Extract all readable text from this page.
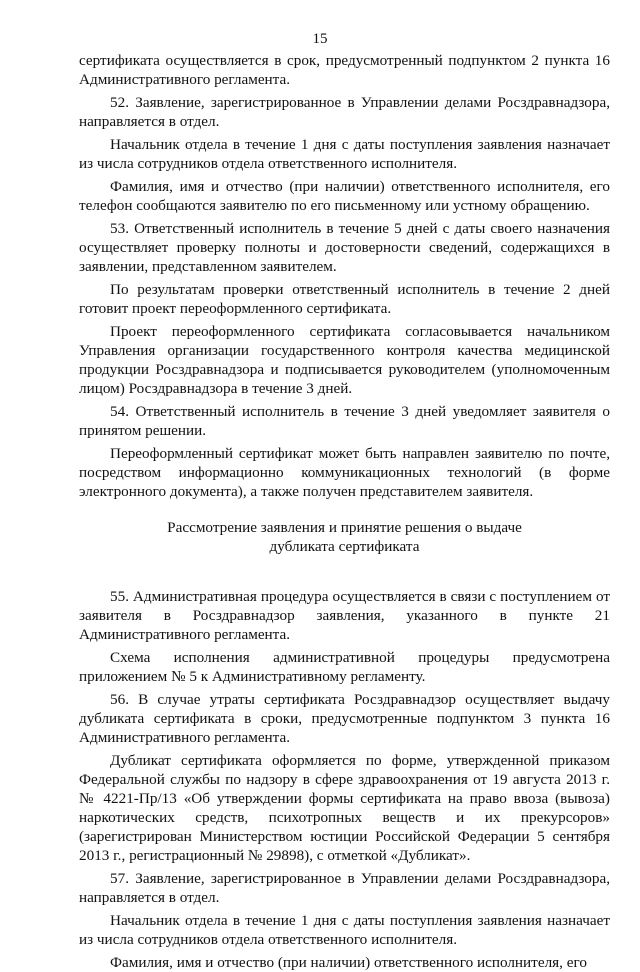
15

сертификата осуществляется в срок, предусмотренный подпунктом 2 пункта 16 Административного регламента.

52. Заявление, зарегистрированное в Управлении делами Росздравнадзора, направляется в отдел.

Начальник отдела в течение 1 дня с даты поступления заявления назначает из числа сотрудников отдела ответственного исполнителя.

Фамилия, имя и отчество (при наличии) ответственного исполнителя, его телефон сообщаются заявителю по его письменному или устному обращению.

53. Ответственный исполнитель в течение 5 дней с даты своего назначения осуществляет проверку полноты и достоверности сведений, содержащихся в заявлении, представленном заявителем.

По результатам проверки ответственный исполнитель в течение 2 дней готовит проект переоформленного сертификата.

Проект переоформленного сертификата согласовывается начальником Управления организации государственного контроля качества медицинской продукции Росздравнадзора и подписывается руководителем (уполномоченным лицом) Росздравнадзора в течение 3 дней.

54. Ответственный исполнитель в течение 3 дней уведомляет заявителя о принятом решении.

Переоформленный сертификат может быть направлен заявителю по почте, посредством информационно коммуникационных технологий (в форме электронного документа), а также получен представителем заявителя.

Рассмотрение заявления и принятие решения о выдаче
дубликата сертификата

55. Административная процедура осуществляется в связи с поступлением от заявителя в Росздравнадзор заявления, указанного в пункте 21 Административного регламента.

Схема исполнения административной процедуры предусмотрена приложением № 5 к Административному регламенту.

56. В случае утраты сертификата Росздравнадзор осуществляет выдачу дубликата сертификата в сроки, предусмотренные подпунктом 3 пункта 16 Административного регламента.

Дубликат сертификата оформляется по форме, утвержденной приказом Федеральной службы по надзору в сфере здравоохранения от 19 августа 2013 г. № 4221-Пр/13 «Об утверждении формы сертификата на право ввоза (вывоза) наркотических средств, психотропных веществ и их прекурсоров» (зарегистрирован Министерством юстиции Российской Федерации 5 сентября 2013 г., регистрационный № 29898), с отметкой «Дубликат».

57. Заявление, зарегистрированное в Управлении делами Росздравнадзора, направляется в отдел.

Начальник отдела в течение 1 дня с даты поступления заявления назначает из числа сотрудников отдела ответственного исполнителя.

Фамилия, имя и отчество (при наличии) ответственного исполнителя, его
